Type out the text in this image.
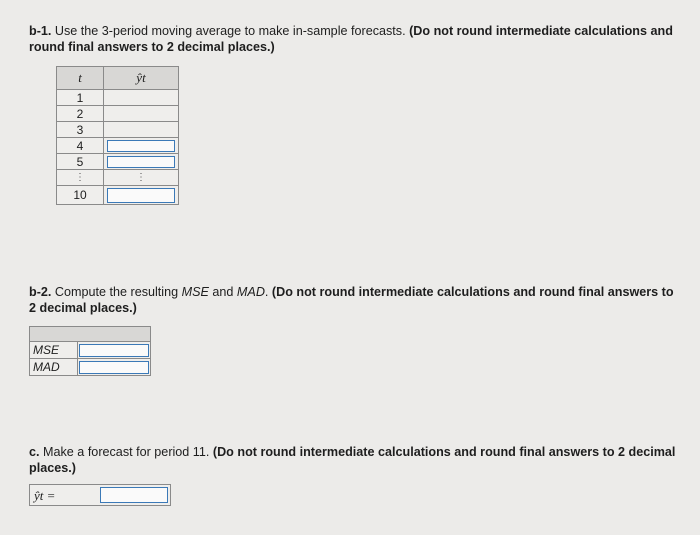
b-1. Use the 3-period moving average to make in-sample forecasts. (Do not round intermediate calculations and round final answers to 2 decimal places.)

t	ŷt
1	
2	
3	
4	

5	

⋮	⋮
10	

b-2. Compute the resulting MSE and MAD. (Do not round intermediate calculations and round final answers to 2 decimal places.)

MSE	

MAD	

c. Make a forecast for period 11. (Do not round intermediate calculations and round final answers to 2 decimal places.)

ŷt =
